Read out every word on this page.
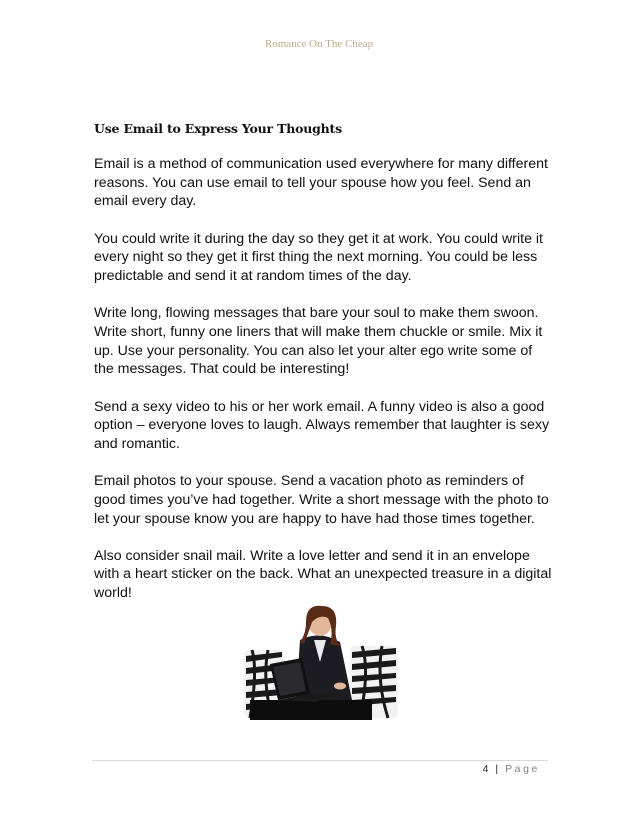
Romance On The Cheap
Use Email to Express Your Thoughts

Email is a method of communication used everywhere for many different reasons. You can use email to tell your spouse how you feel. Send an email every day.

You could write it during the day so they get it at work. You could write it every night so they get it first thing the next morning. You could be less predictable and send it at random times of the day.

Write long, flowing messages that bare your soul to make them swoon. Write short, funny one liners that will make them chuckle or smile. Mix it up. Use your personality. You can also let your alter ego write some of the messages. That could be interesting!

Send a sexy video to his or her work email. A funny video is also a good option – everyone loves to laugh. Always remember that laughter is sexy and romantic.

Email photos to your spouse. Send a vacation photo as reminders of good times you’ve had together. Write a short message with the photo to let your spouse know you are happy to have had those times together.

Also consider snail mail. Write a love letter and send it in an envelope with a heart sticker on the back. What an unexpected treasure in a digital world!

4 | Page
